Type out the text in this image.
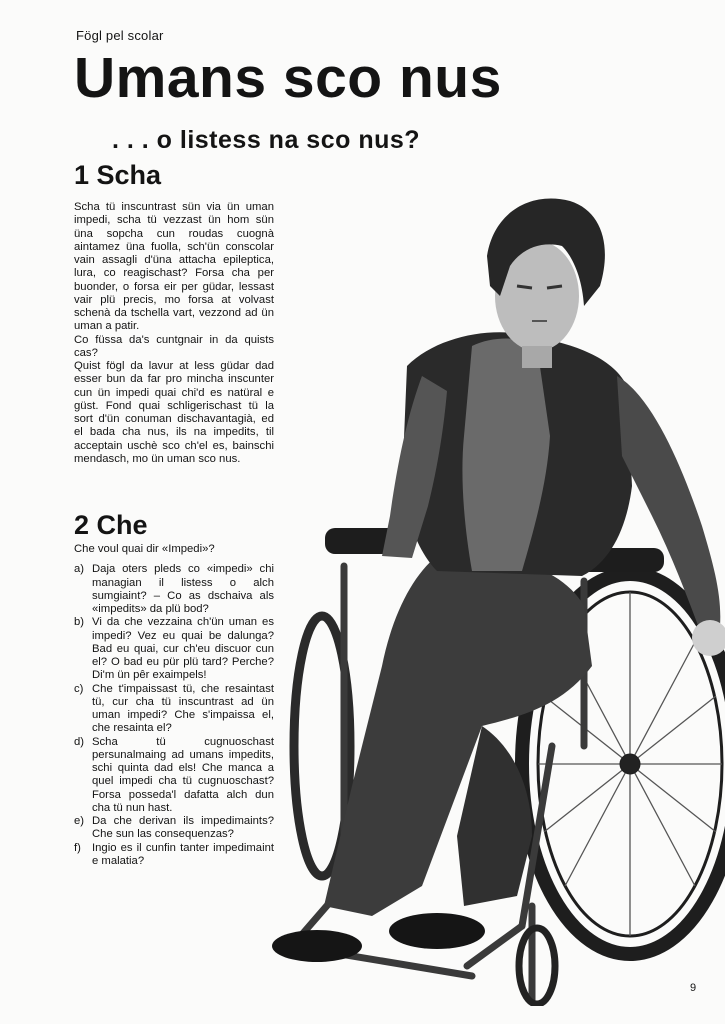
Fögl pel scolar
Umans sco nus
. . . o listess na sco nus?
1 Scha

Scha tü inscuntrast sün via ün uman impedi, scha tü vezzast ün hom sün üna sopcha cun roudas cuognà aintamez üna fuolla, sch'ün conscolar vain assagli d'üna attacha epileptica, lura, co reagischast? Forsa cha per buonder, o forsa eir per güdar, lessast vair plü precis, mo forsa at volvast schenà da tschella vart, vezzond ad ün uman a patir.

Co füssa da's cuntgnair in da quists cas?

Quist fögl da lavur at less güdar dad esser bun da far pro mincha inscunter cun ün impedi quai chi'd es natüral e güst. Fond quai schligerischast tü la sort d'ün conuman dischavantagià, ed el bada cha nus, ils na impedits, til acceptain uschè sco ch'el es, bainschi mendasch, mo ün uman sco nus.

2 Che

Che voul quai dir «Impedi»?

a) Daja oters pleds co «impedi» chi managian il listess o alch sumgiaint? – Co as dschaiva als «impedits» da plü bod?
b) Vi da che vezzaina ch'ün uman es impedi? Vez eu quai be dalunga? Bad eu quai, cur ch'eu discuor cun el? O bad eu pür plü tard? Perche? Di'm ün pêr exaimpels!
c) Che t'impaissast tü, che resaintast tü, cur cha tü inscuntrast ad ün uman impedi? Che s'impaissa el, che resainta el?
d) Scha tü cugnuoschast persunalmaing ad umans impedits, schi quinta dad els! Che manca a quel impedi cha tü cugnuoschast? Forsa posseda'l dafatta alch dun cha tü nun hast.
e) Da che derivan ils impedimaints? Che sun las consequenzas?
f) Ingio es il cunfin tanter impedimaint e malatia?
9
